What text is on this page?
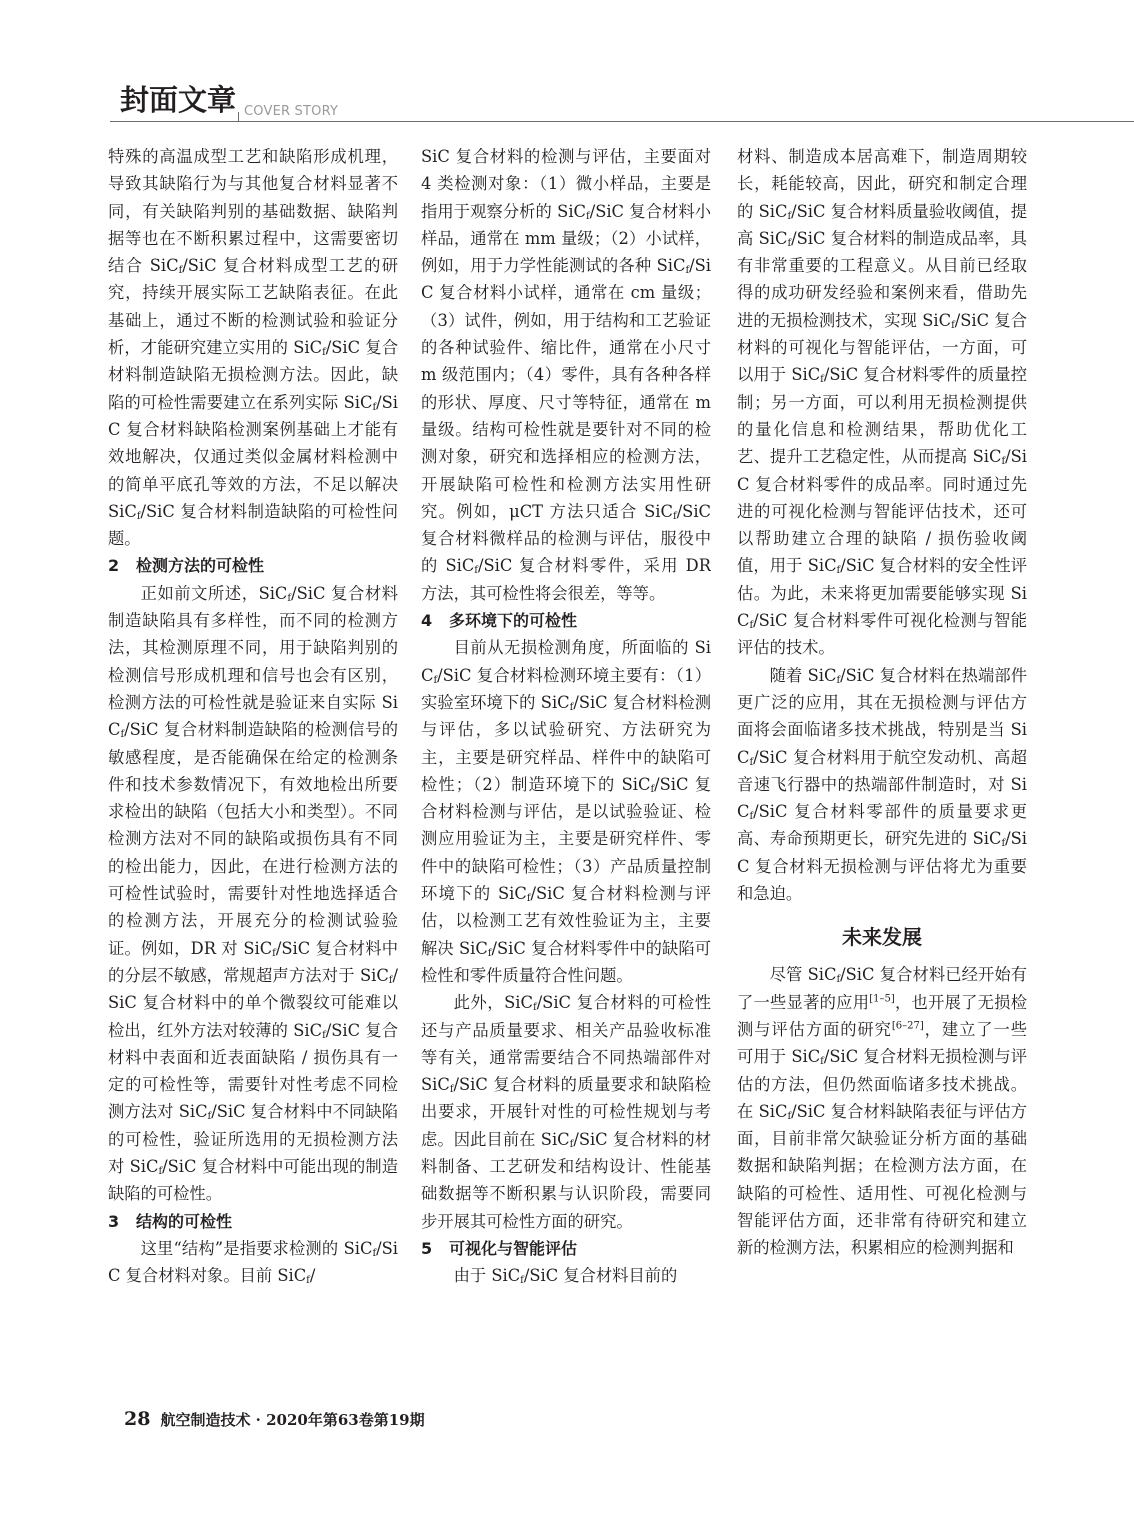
封面文章 COVER STORY

特殊的高温成型工艺和缺陷形成机理，导致其缺陷行为与其他复合材料显著不同，有关缺陷判别的基础数据、缺陷判据等也在不断积累过程中，这需要密切结合 SiC$_f$/SiC 复合材料成型工艺的研究，持续开展实际工艺缺陷表征。在此基础上，通过不断的检测试验和验证分析，才能研究建立实用的 SiC$_f$/SiC 复合材料制造缺陷无损检测方法。因此，缺陷的可检性需要建立在系列实际 SiC$_f$/SiC 复合材料缺陷检测案例基础上才能有效地解决，仅通过类似金属材料检测中的简单平底孔等效的方法，不足以解决 SiC$_f$/SiC 复合材料制造缺陷的可检性问题。

2 检测方法的可检性

正如前文所述，SiC$_f$/SiC 复合材料制造缺陷具有多样性，而不同的检测方法，其检测原理不同，用于缺陷判别的检测信号形成机理和信号也会有区别，检测方法的可检性就是验证来自实际 SiC$_f$/SiC 复合材料制造缺陷的检测信号的敏感程度，是否能确保在给定的检测条件和技术参数情况下，有效地检出所要求检出的缺陷（包括大小和类型）。不同检测方法对不同的缺陷或损伤具有不同的检出能力，因此，在进行检测方法的可检性试验时，需要针对性地选择适合的检测方法，开展充分的检测试验验证。例如，DR 对 SiC$_f$/SiC 复合材料中的分层不敏感，常规超声方法对于 SiC$_f$/SiC 复合材料中的单个微裂纹可能难以检出，红外方法对较薄的 SiC$_f$/SiC 复合材料中表面和近表面缺陷 / 损伤具有一定的可检性等，需要针对性考虑不同检测方法对 SiC$_f$/SiC 复合材料中不同缺陷的可检性，验证所选用的无损检测方法对 SiC$_f$/SiC 复合材料中可能出现的制造缺陷的可检性。

3 结构的可检性

这里“结构”是指要求检测的 SiC$_f$/SiC 复合材料对象。目前 SiC$_f$/

SiC 复合材料的检测与评估，主要面对 4 类检测对象：（1）微小样品，主要是指用于观察分析的 SiC$_f$/SiC 复合材料小样品，通常在 mm 量级；（2）小试样，例如，用于力学性能测试的各种 SiC$_f$/SiC 复合材料小试样，通常在 cm 量级；（3）试件，例如，用于结构和工艺验证的各种试验件、缩比件，通常在小尺寸 m 级范围内；（4）零件，具有各种各样的形状、厚度、尺寸等特征，通常在 m 量级。结构可检性就是要针对不同的检测对象，研究和选择相应的检测方法，开展缺陷可检性和检测方法实用性研究。例如，μCT 方法只适合 SiC$_f$/SiC 复合材料微样品的检测与评估，服役中的 SiC$_f$/SiC 复合材料零件，采用 DR 方法，其可检性将会很差，等等。

4 多环境下的可检性

目前从无损检测角度，所面临的 SiC$_f$/SiC 复合材料检测环境主要有：（1）实验室环境下的 SiC$_f$/SiC 复合材料检测与评估，多以试验研究、方法研究为主，主要是研究样品、样件中的缺陷可检性；（2）制造环境下的 SiC$_f$/SiC 复合材料检测与评估，是以试验验证、检测应用验证为主，主要是研究样件、零件中的缺陷可检性；（3）产品质量控制环境下的 SiC$_f$/SiC 复合材料检测与评估，以检测工艺有效性验证为主，主要解决 SiC$_f$/SiC 复合材料零件中的缺陷可检性和零件质量符合性问题。

此外，SiC$_f$/SiC 复合材料的可检性还与产品质量要求、相关产品验收标准等有关，通常需要结合不同热端部件对 SiC$_f$/SiC 复合材料的质量要求和缺陷检出要求，开展针对性的可检性规划与考虑。因此目前在 SiC$_f$/SiC 复合材料的材料制备、工艺研发和结构设计、性能基础数据等不断积累与认识阶段，需要同步开展其可检性方面的研究。

5 可视化与智能评估

由于 SiC$_f$/SiC 复合材料目前的

材料、制造成本居高难下，制造周期较长，耗能较高，因此，研究和制定合理的 SiC$_f$/SiC 复合材料质量验收阈值，提高 SiC$_f$/SiC 复合材料的制造成品率，具有非常重要的工程意义。从目前已经取得的成功研发经验和案例来看，借助先进的无损检测技术，实现 SiC$_f$/SiC 复合材料的可视化与智能评估，一方面，可以用于 SiC$_f$/SiC 复合材料零件的质量控制；另一方面，可以利用无损检测提供的量化信息和检测结果，帮助优化工艺、提升工艺稳定性，从而提高 SiC$_f$/SiC 复合材料零件的成品率。同时通过先进的可视化检测与智能评估技术，还可以帮助建立合理的缺陷 / 损伤验收阈值，用于 SiC$_f$/SiC 复合材料的安全性评估。为此，未来将更加需要能够实现 SiC$_f$/SiC 复合材料零件可视化检测与智能评估的技术。

随着 SiC$_f$/SiC 复合材料在热端部件更广泛的应用，其在无损检测与评估方面将会面临诸多技术挑战，特别是当 SiC$_f$/SiC 复合材料用于航空发动机、高超音速飞行器中的热端部件制造时，对 SiC$_f$/SiC 复合材料零部件的质量要求更高、寿命预期更长，研究先进的 SiC$_f$/SiC 复合材料无损检测与评估将尤为重要和急迫。

未来发展

尽管 SiC$_f$/SiC 复合材料已经开始有了一些显著的应用[1–5]，也开展了无损检测与评估方面的研究[6–27]，建立了一些可用于 SiC$_f$/SiC 复合材料无损检测与评估的方法，但仍然面临诸多技术挑战。在 SiC$_f$/SiC 复合材料缺陷表征与评估方面，目前非常欠缺验证分析方面的基础数据和缺陷判据；在检测方法方面，在缺陷的可检性、适用性、可视化检测与智能评估方面，还非常有待研究和建立新的检测方法，积累相应的检测判据和

28 航空制造技术 · 2020年第63卷第19期
